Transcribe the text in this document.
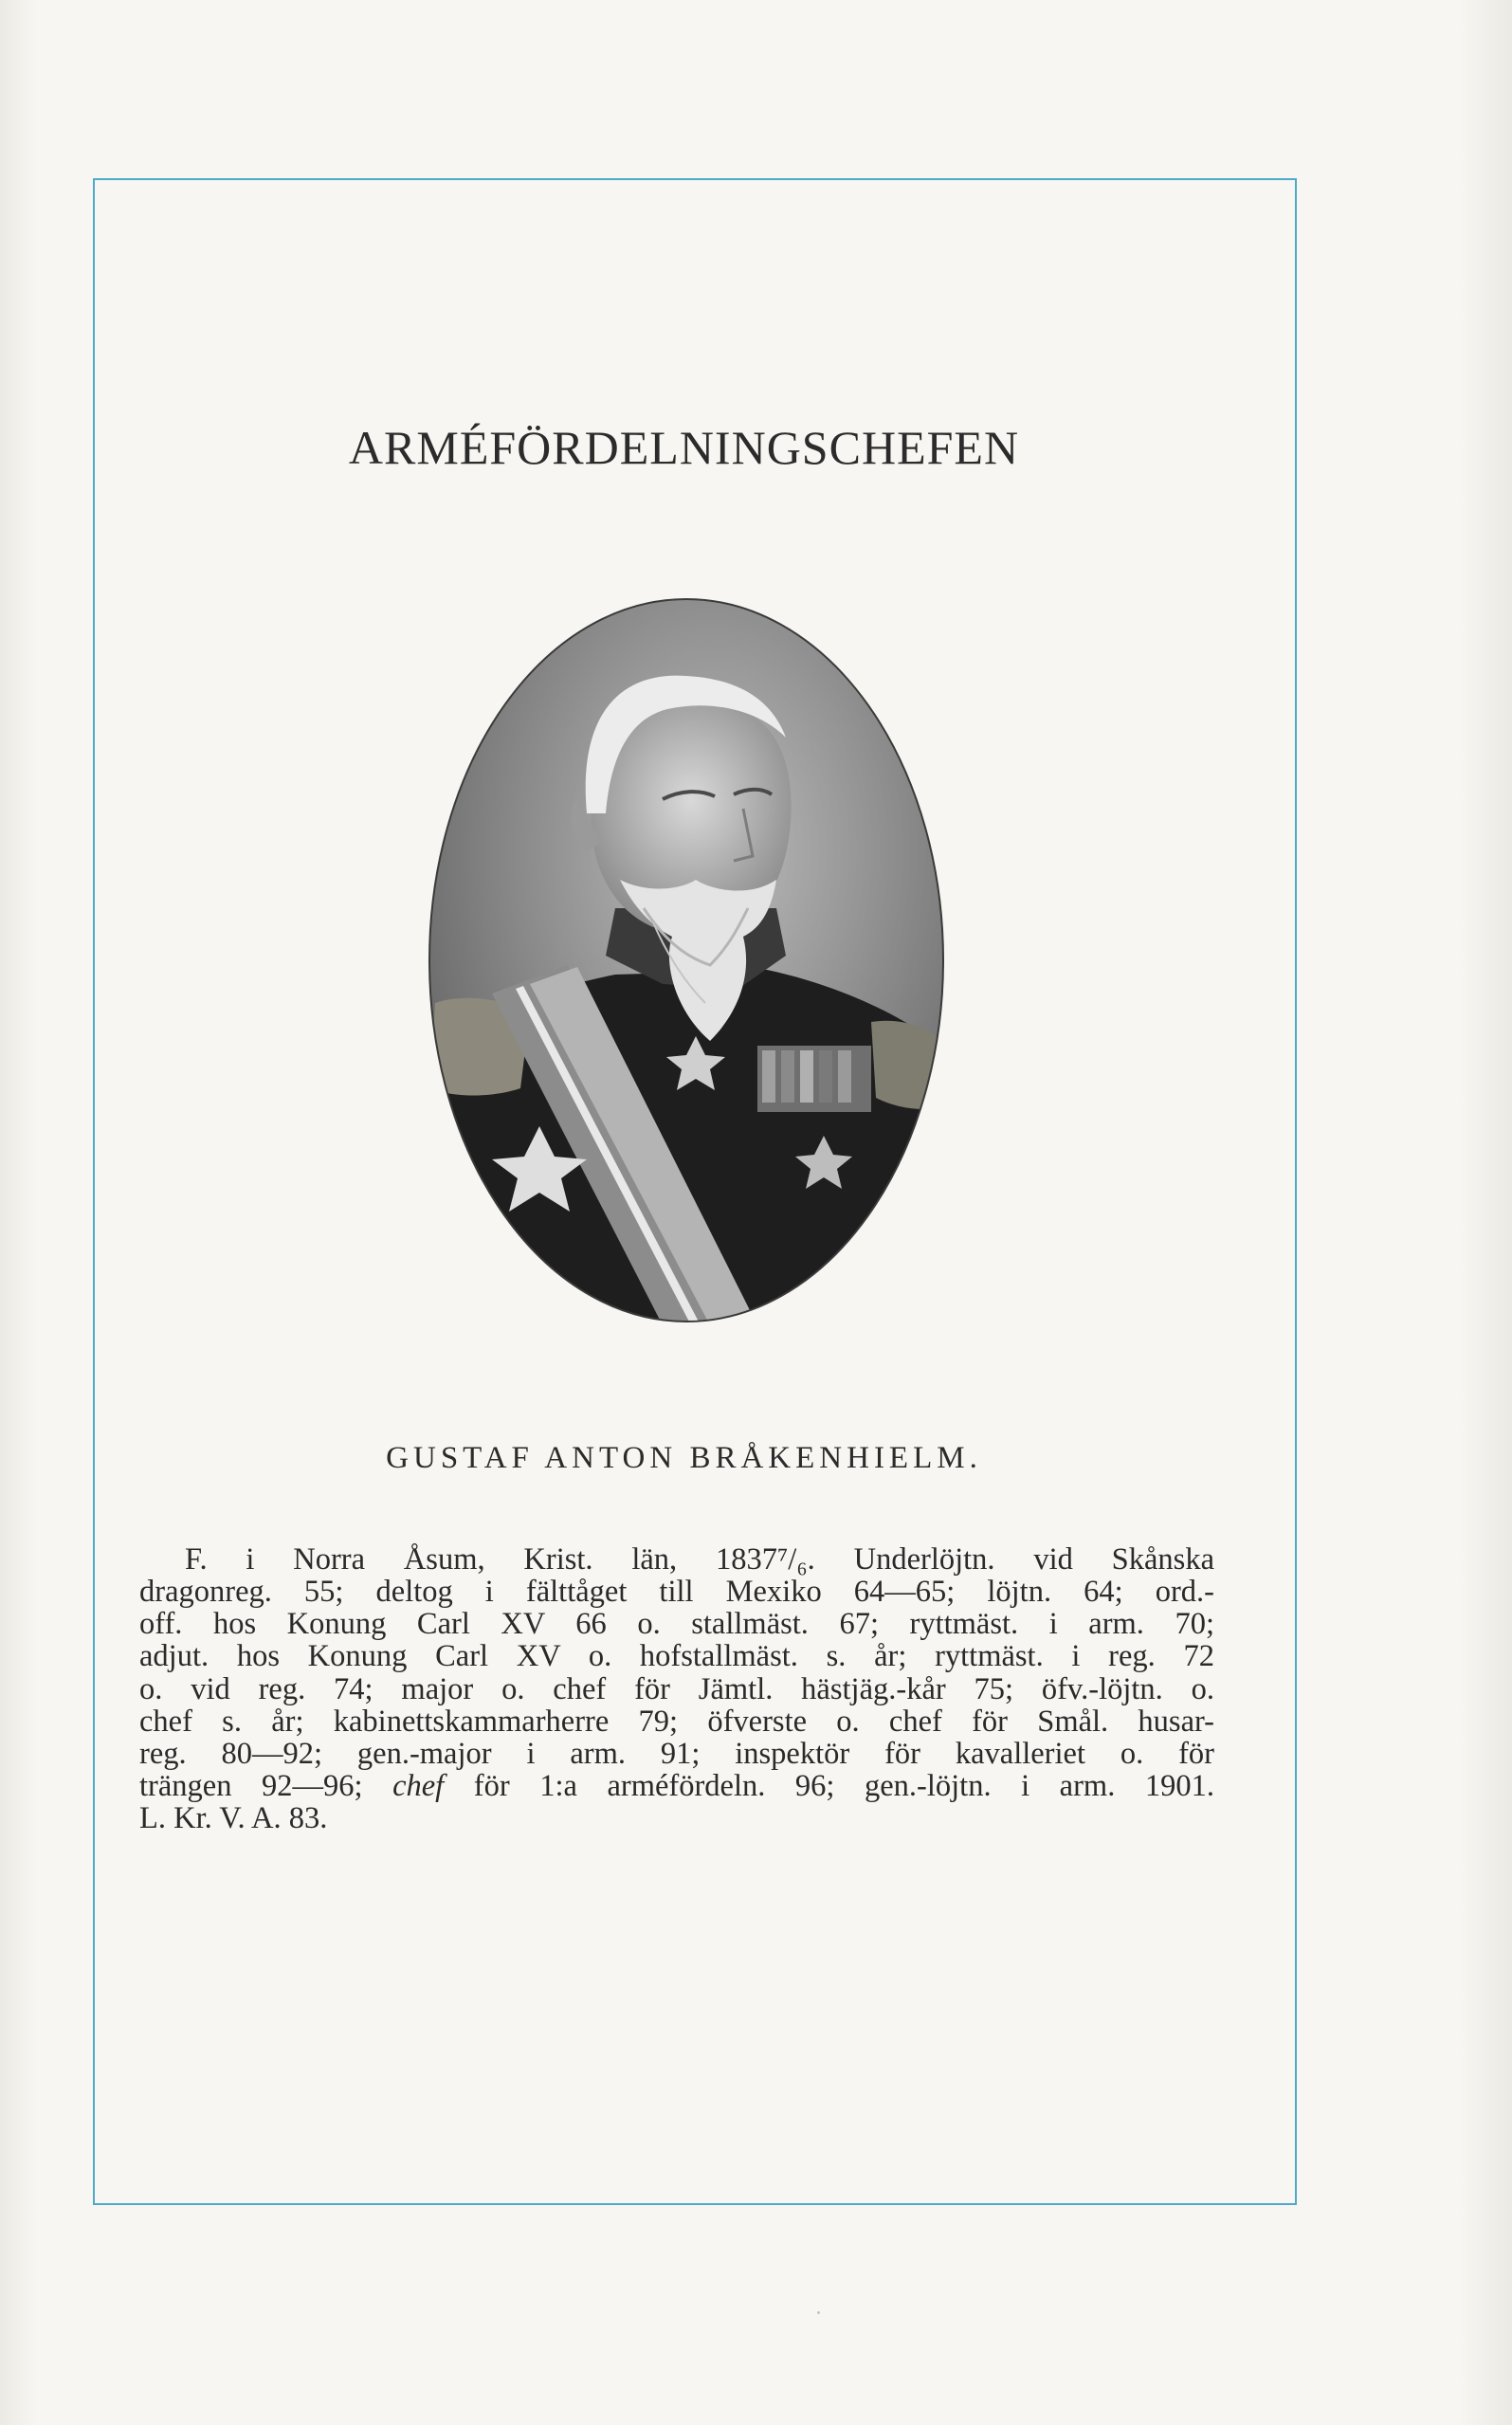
ARMÉFÖRDELNINGSCHEFEN
GUSTAF ANTON BRÅKENHIELM.
F. i Norra Åsum, Krist. län, 1837⁷/₆. Underlöjtn. vid Skånska
dragonreg. 55; deltog i fälttåget till Mexiko 64—65; löjtn. 64; ord.-
off. hos Konung Carl XV 66 o. stallmäst. 67; ryttmäst. i arm. 70;
adjut. hos Konung Carl XV o. hofstallmäst. s. år; ryttmäst. i reg. 72
o. vid reg. 74; major o. chef för Jämtl. hästjäg.-kår 75; öfv.-löjtn. o.
chef s. år; kabinettskammarherre 79; öfverste o. chef för Smål. husar-
reg. 80—92; gen.-major i arm. 91; inspektör för kavalleriet o. för
trängen 92—96; chef för 1:a arméfördeln. 96; gen.-löjtn. i arm. 1901.
L. Kr. V. A. 83.
